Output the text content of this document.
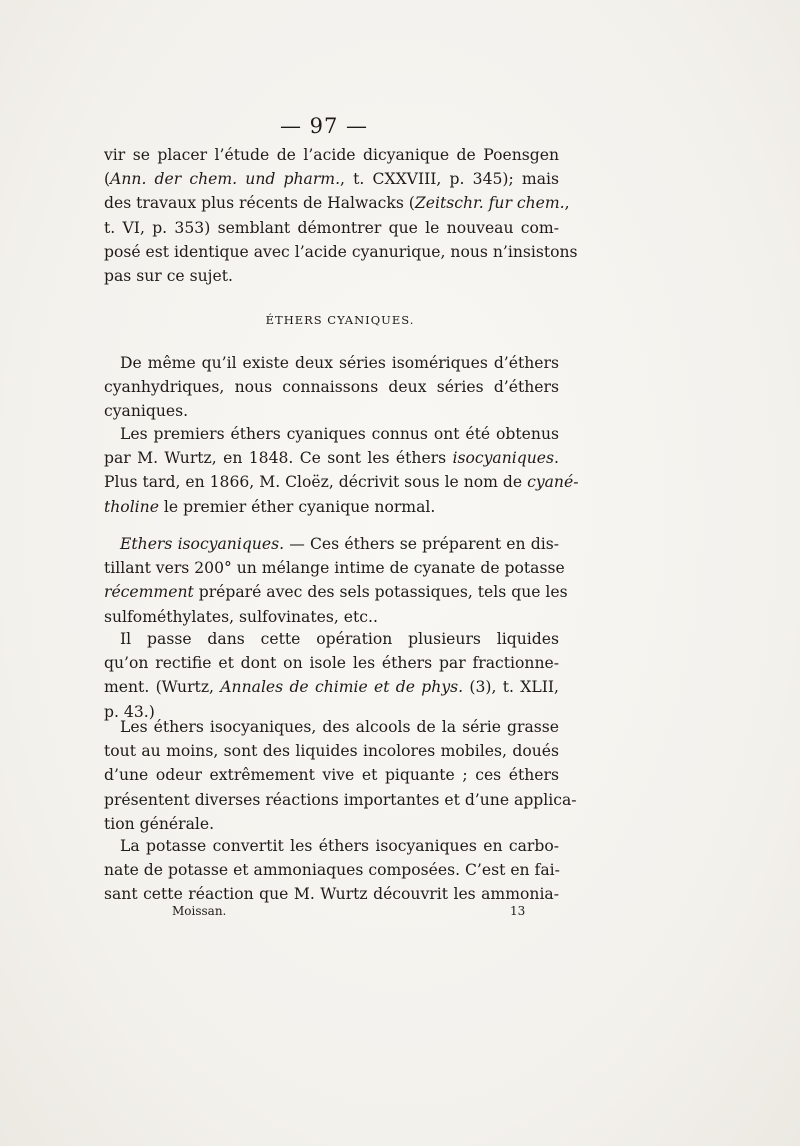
— 97 —
vir se placer l’étude de l’acide dicyanique de Poensgen
(Ann. der chem. und pharm., t. CXXVIII, p. 345); mais
des travaux plus récents de Halwacks (Zeitschr. fur chem.,
t. VI, p. 353) semblant démontrer que le nouveau com-
posé est identique avec l’acide cyanurique, nous n’insistons
pas sur ce sujet.
ÉTHERS CYANIQUES.
De même qu’il existe deux séries isomériques d’éthers
cyanhydriques, nous connaissons deux séries d’éthers
cyaniques.
Les premiers éthers cyaniques connus ont été obtenus
par M. Wurtz, en 1848. Ce sont les éthers isocyaniques.
Plus tard, en 1866, M. Cloëz, décrivit sous le nom de cyané-
tholine le premier éther cyanique normal.
Ethers isocyaniques. — Ces éthers se préparent en dis-
tillant vers 200° un mélange intime de cyanate de potasse
récemment préparé avec des sels potassiques, tels que les
sulfométhylates, sulfovinates, etc..
Il passe dans cette opération plusieurs liquides
qu’on rectifie et dont on isole les éthers par fractionne-
ment. (Wurtz, Annales de chimie et de phys. (3), t. XLII,
p. 43.)
Les éthers isocyaniques, des alcools de la série grasse
tout au moins, sont des liquides incolores mobiles, doués
d’une odeur extrêmement vive et piquante ; ces éthers
présentent diverses réactions importantes et d’une applica-
tion générale.
La potasse convertit les éthers isocyaniques en carbo-
nate de potasse et ammoniaques composées. C’est en fai-
sant cette réaction que M. Wurtz découvrit les ammonia-
Moissan.	13
